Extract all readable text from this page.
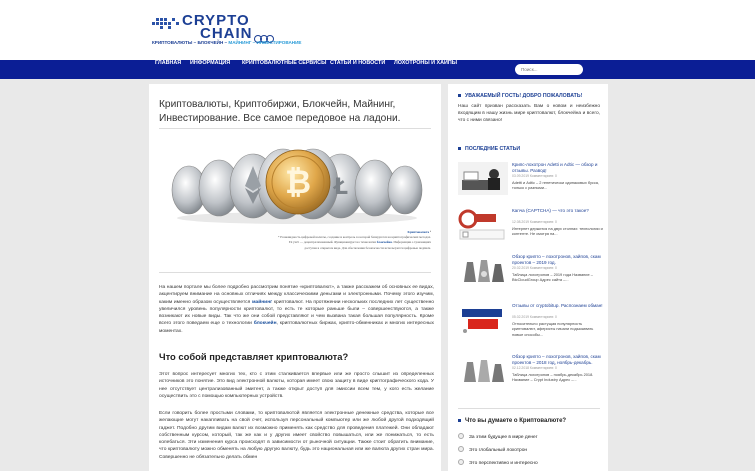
CRYPTO
CHAIN
КРИПТОВАЛЮТЫ – БЛОКЧЕЙН – МАЙНИНГ – ИНВЕСТИРОВАНИЕ
ГЛАВНАЯ ИНФОРМАЦИЯ КРИПТОВАЛЮТНЫЕ СЕРВИСЫ СТАТЬИ И НОВОСТИ ЛОХОТРОНЫ И ХАЙПЫ
Поиск...
Криптовалюты, Криптобиржи, Блокчейн, Майнинг, Инвестирование. Все самое передовое на ладони.
₿ Ł
Криптовалюта ⁴
* Разновидность цифровой валюты, создание и контроль за которой базируются на криптографических методах.
Её учёт — децентрализованный. Функционирует на технологии блокчейна. Информация о транзакциях
доступна в открытом виде. Для обеспечения безопасности используются цифровые подписи.

На нашем портале мы более подробно рассмотрим понятие «криптовалют», а также расскажем об основных ее видах, акцентируем внимание на основных отличиях между классическими деньгами и электронными. Почему этого изучим, каким именно образом осуществляется майнинг криптовалют. На протяжении нескольких последних лет существенно увеличился уровень популярности криптовалют, то есть те которые раньше были – совершенствуются, а также возникают их новые виды. Так что же они собой представляют и чем вызвана такая большая популярность. Кроме всего этого поведаем еще о технологии блокчейн, криптовалютных биржах, крипто-обменниках и многих интересных моментах.

Что собой представляет криптовалюта?

Этот вопрос интересует многих тех, кто с этим сталкивается впервые или же просто слышит из определенных источников это понятие. Это вид электронной валюты, которая имеет свою защиту в виде криптографического кода. У нее отсутствует централизованный эмитент, а также открыт доступ для эмиссии всем тем, у кого есть желание осуществить это с помощью компьютерных устройств.

Если говорить более простыми словами, то криптовалютой является электронные денежные средства, которые все желающие могут накапливать на свой счет, используя персональный компьютер или же любой другой подходящий гаджет. Подобно другим видам валют их возможно применять как средство для проведения платежей. Они обладают собственным курсом, который, так же как и у других имеет свойство повышаться, или же понижаться, то есть колебаться. Эти изменения курса происходят в зависимости от рыночной ситуации. Также стоит обратить внимание, что криптовалюту можно обменять на любую другую валюту, будь это национальная или же валюта других стран мира. Совершенно не обязательно делать обмен

УВАЖАЕМЫЙ ГОСТЬ! ДОБРО ПОЖАЛОВАТЬ!

Наш сайт призван рассказать Вам о новом и неизбежно входящим в нашу жизнь мире криптовалют, блокчейна и всего, что с ними связано!

ПОСЛЕДНИЕ СТАТЬИ
Крипс-лохотрон Adetti и Adtic — обзор и отзывы. Развод!
03.09.2019 Комментариев: 0
Adetti и Adtic – 2 генетически одинаковых бусса, только с разными...
Капча (CAPTCHA) — что это такое?
12.08.2019 Комментариев: 0
Интернет держится на двух столпах: технологии и контенте. Не смотря на...
Обзор крипто – лохотронов, хайпов, скам проектов – 2019 год.
20.02.2019 Комментариев: 0
Таблица лохотронов – 2019 года Название – BtcCloudGroup Адрес сайта –...
Отзывы от cryptobitup. Распознаем обман!
05.02.2019 Комментариев: 0
Относительно растущая популярность криптовалют, аферисты начали подыскивать новые способы...
Обзор крипто – лохотронов, хайпов, скам проектов – 2018 год, ноябрь-декабрь.
02.12.2018 Комментариев: 0
Таблица лохотронов – ноябрь-декабрь 2018. Название – Crypt Industry Адрес –...
Что вы думаете о Криптовалюте?
За этим будущее в мире денег
Это глобальный лохотрон
Это перспективно и интересно
